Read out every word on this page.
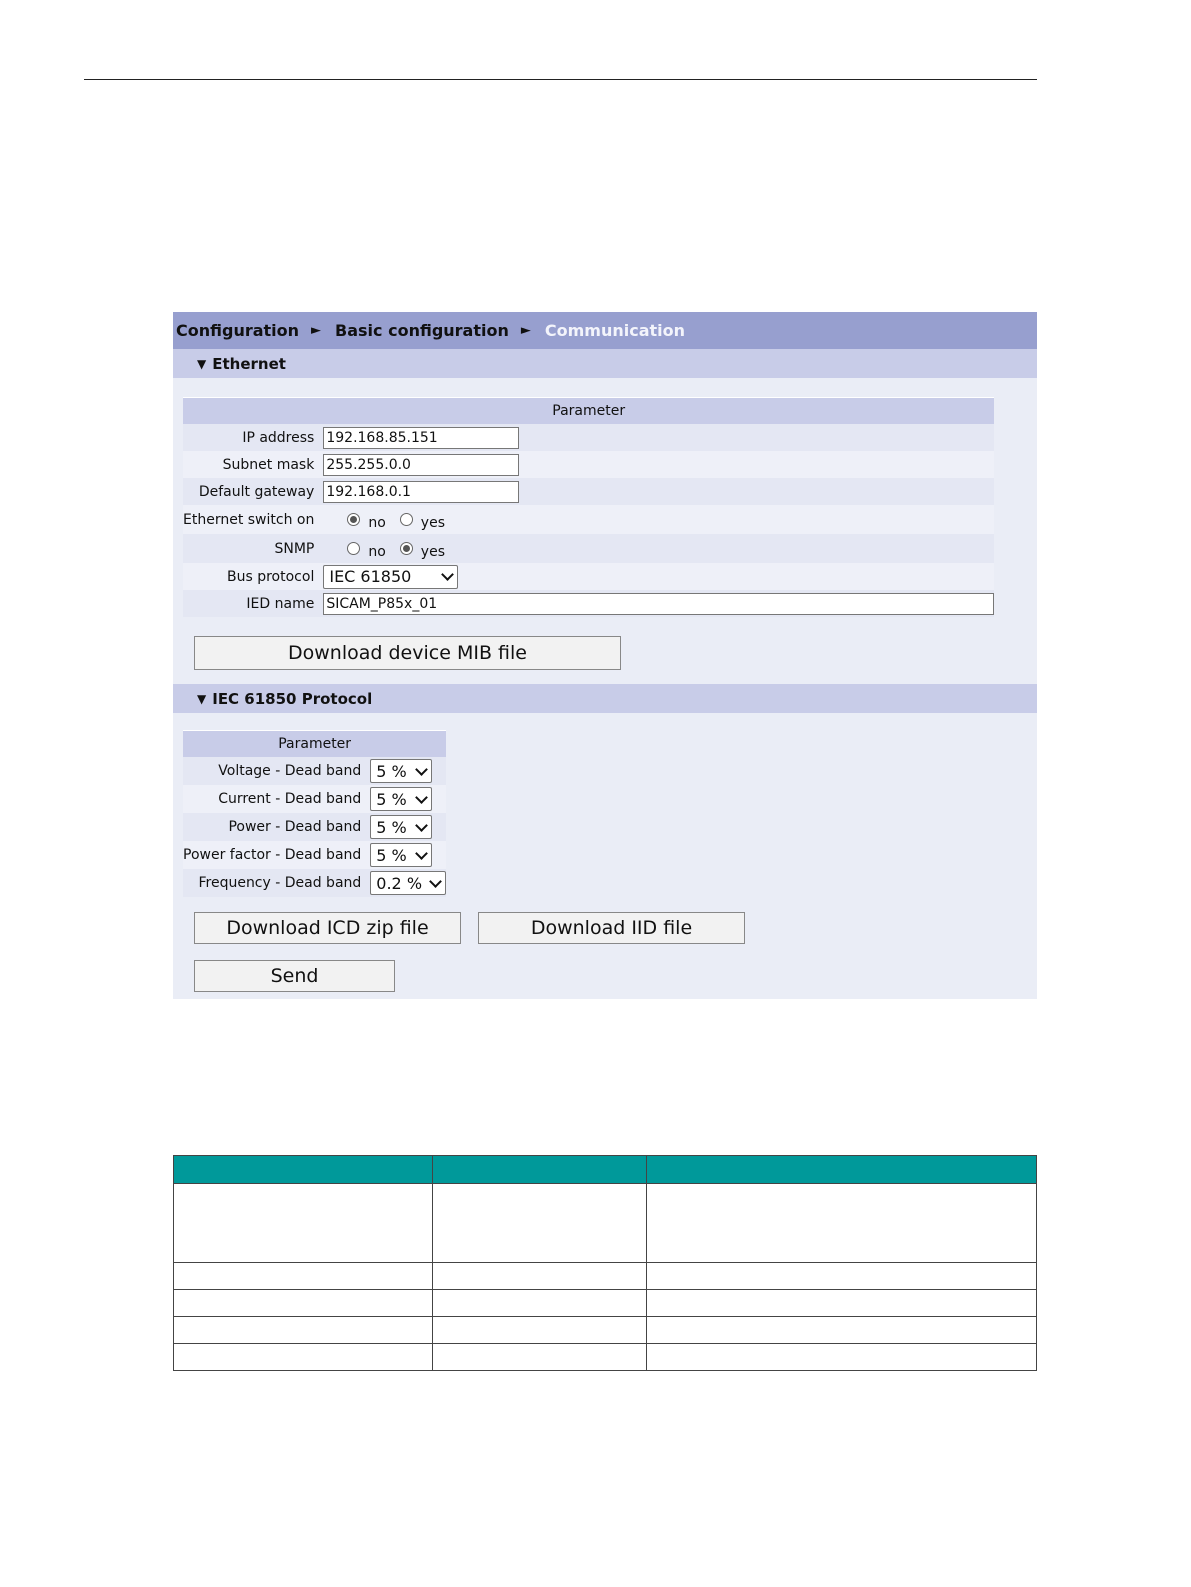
Configuration ► Basic configuration ► Communication
▼ Ethernet
Parameter	
IP address	192.168.85.151

Subnet mask	255.255.0.0

Default gateway	192.168.0.1

Ethernet switch on	no yes

SNMP	no yes

Bus protocol	IEC 61850

IED name	SICAM_P85x_01
Download device MIB file
▼ IEC 61850 Protocol
Parameter	
Voltage - Dead band	5 %

Current - Dead band	5 %

Power - Dead band	5 %

Power factor - Dead band	5 %

Frequency - Dead band	0.2 %
Download ICD zip file	Download IID file
Send
